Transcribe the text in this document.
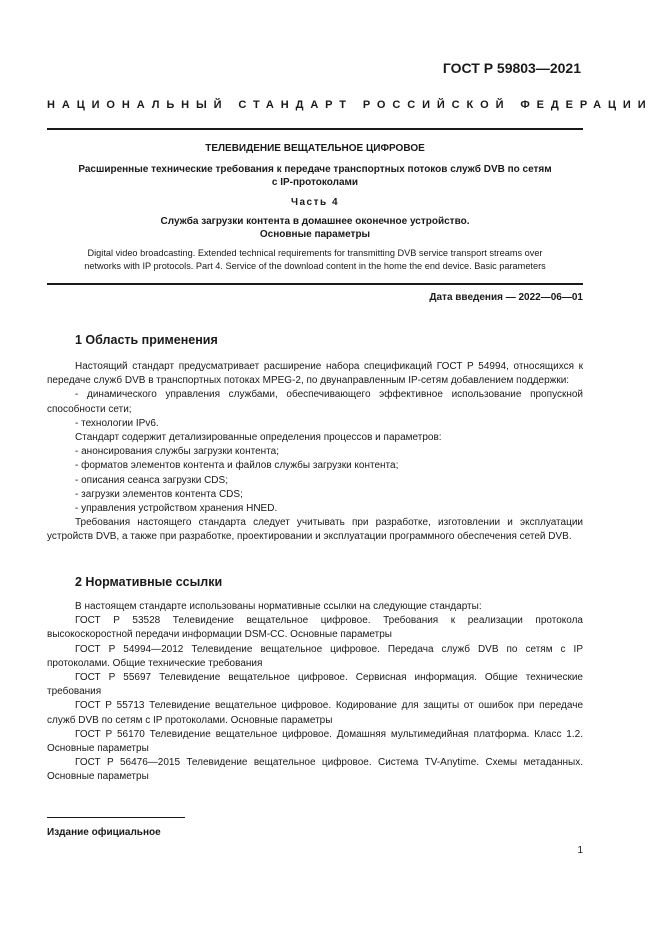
ГОСТ Р 59803—2021
НАЦИОНАЛЬНЫЙ СТАНДАРТ РОССИЙСКОЙ ФЕДЕРАЦИИ
ТЕЛЕВИДЕНИЕ ВЕЩАТЕЛЬНОЕ ЦИФРОВОЕ
Расширенные технические требования к передаче транспортных потоков служб DVB по сетям
с IP-протоколами
Часть 4
Служба загрузки контента в домашнее оконечное устройство.
Основные параметры
Digital video broadcasting. Extended technical requirements for transmitting DVB service transport streams over
networks with IP protocols. Part 4. Service of the download content in the home the end device. Basic parameters
Дата введения — 2022—06—01
1 Область применения

Настоящий стандарт предусматривает расширение набора спецификаций ГОСТ Р 54994, относящихся к передаче служб DVB в транспортных потоках MPEG-2, по двунаправленным IP-сетям добавлением поддержки:

- динамического управления службами, обеспечивающего эффективное использование пропускной способности сети;

- технологии IPv6.

Стандарт содержит детализированные определения процессов и параметров:

- анонсирования службы загрузки контента;

- форматов элементов контента и файлов службы загрузки контента;

- описания сеанса загрузки CDS;

- загрузки элементов контента CDS;

- управления устройством хранения HNED.

Требования настоящего стандарта следует учитывать при разработке, изготовлении и эксплуатации устройств DVB, а также при разработке, проектировании и эксплуатации программного обеспечения сетей DVB.

2 Нормативные ссылки

В настоящем стандарте использованы нормативные ссылки на следующие стандарты:

ГОСТ Р 53528 Телевидение вещательное цифровое. Требования к реализации протокола высокоскоростной передачи информации DSM-CC. Основные параметры

ГОСТ Р 54994—2012 Телевидение вещательное цифровое. Передача служб DVB по сетям с IP протоколами. Общие технические требования

ГОСТ Р 55697 Телевидение вещательное цифровое. Сервисная информация. Общие технические требования

ГОСТ Р 55713 Телевидение вещательное цифровое. Кодирование для защиты от ошибок при передаче служб DVB по сетям с IP протоколами. Основные параметры

ГОСТ Р 56170 Телевидение вещательное цифровое. Домашняя мультимедийная платформа. Класс 1.2. Основные параметры

ГОСТ Р 56476—2015 Телевидение вещательное цифровое. Система TV-Anytime. Схемы метаданных. Основные параметры

Издание официальное
1
